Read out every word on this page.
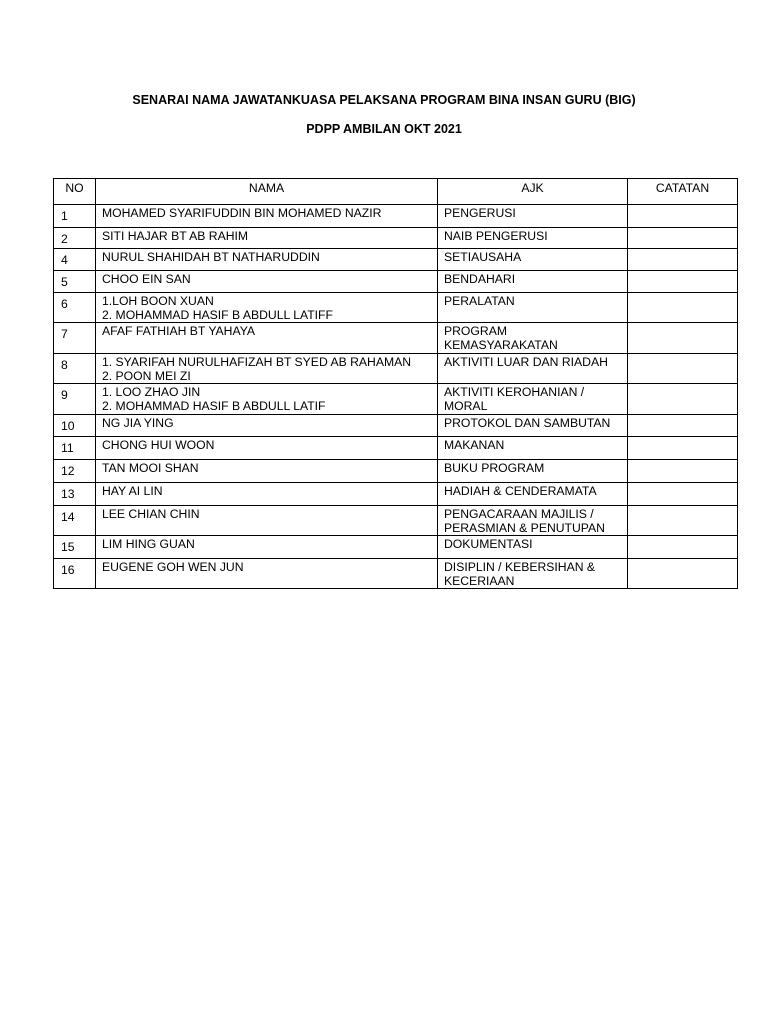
SENARAI NAMA JAWATANKUASA PELAKSANA PROGRAM BINA INSAN GURU (BIG)
PDPP AMBILAN OKT 2021
NO	NAMA	AJK	CATATAN
1	MOHAMED SYARIFUDDIN BIN MOHAMED NAZIR	PENGERUSI	

2	SITI HAJAR BT AB RAHIM	NAIB PENGERUSI	

4	NURUL SHAHIDAH BT NATHARUDDIN	SETIAUSAHA	

5	CHOO EIN SAN	BENDAHARI	

6	1.LOH BOON XUAN
2. MOHAMMAD HASIF B ABDULL LATIFF	PERALATAN	

7	AFAF FATHIAH BT YAHAYA	PROGRAM
KEMASYARAKATAN	

8	1. SYARIFAH NURULHAFIZAH BT SYED AB RAHAMAN
2. POON MEI ZI	AKTIVITI LUAR DAN RIADAH	

9	1. LOO ZHAO JIN
2. MOHAMMAD HASIF B ABDULL LATIF	AKTIVITI KEROHANIAN /
MORAL	

10	NG JIA YING	PROTOKOL DAN SAMBUTAN	

11	CHONG HUI WOON	MAKANAN	

12	TAN MOOI SHAN	BUKU PROGRAM	

13	HAY AI LIN	HADIAH & CENDERAMATA	

14	LEE CHIAN CHIN	PENGACARAAN MAJILIS /
PERASMIAN & PENUTUPAN	

15	LIM HING GUAN	DOKUMENTASI	

16	EUGENE GOH WEN JUN	DISIPLIN / KEBERSIHAN &
KECERIAAN	
